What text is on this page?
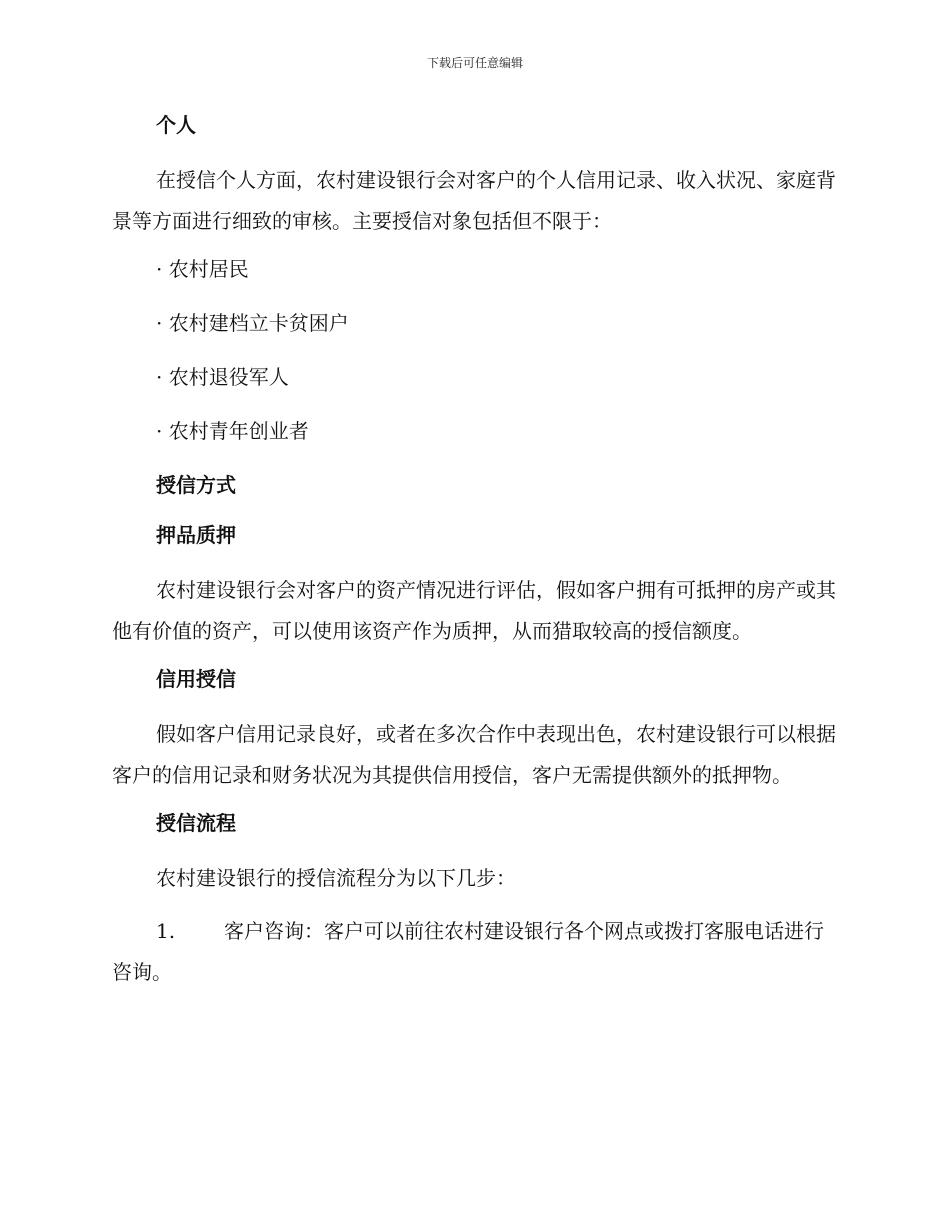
下载后可任意编辑
个人

在授信个人方面，农村建设银行会对客户的个人信用记录、收入状况、家庭背景等方面进行细致的审核。主要授信对象包括但不限于：

· 农村居民
· 农村建档立卡贫困户
· 农村退役军人
· 农村青年创业者
授信方式
押品质押

农村建设银行会对客户的资产情况进行评估，假如客户拥有可抵押的房产或其他有价值的资产，可以使用该资产作为质押，从而猎取较高的授信额度。

信用授信

假如客户信用记录良好，或者在多次合作中表现出色，农村建设银行可以根据客户的信用记录和财务状况为其提供信用授信，客户无需提供额外的抵押物。

授信流程

农村建设银行的授信流程分为以下几步：

1. 客户咨询：客户可以前往农村建设银行各个网点或拨打客服电话进行咨询。
